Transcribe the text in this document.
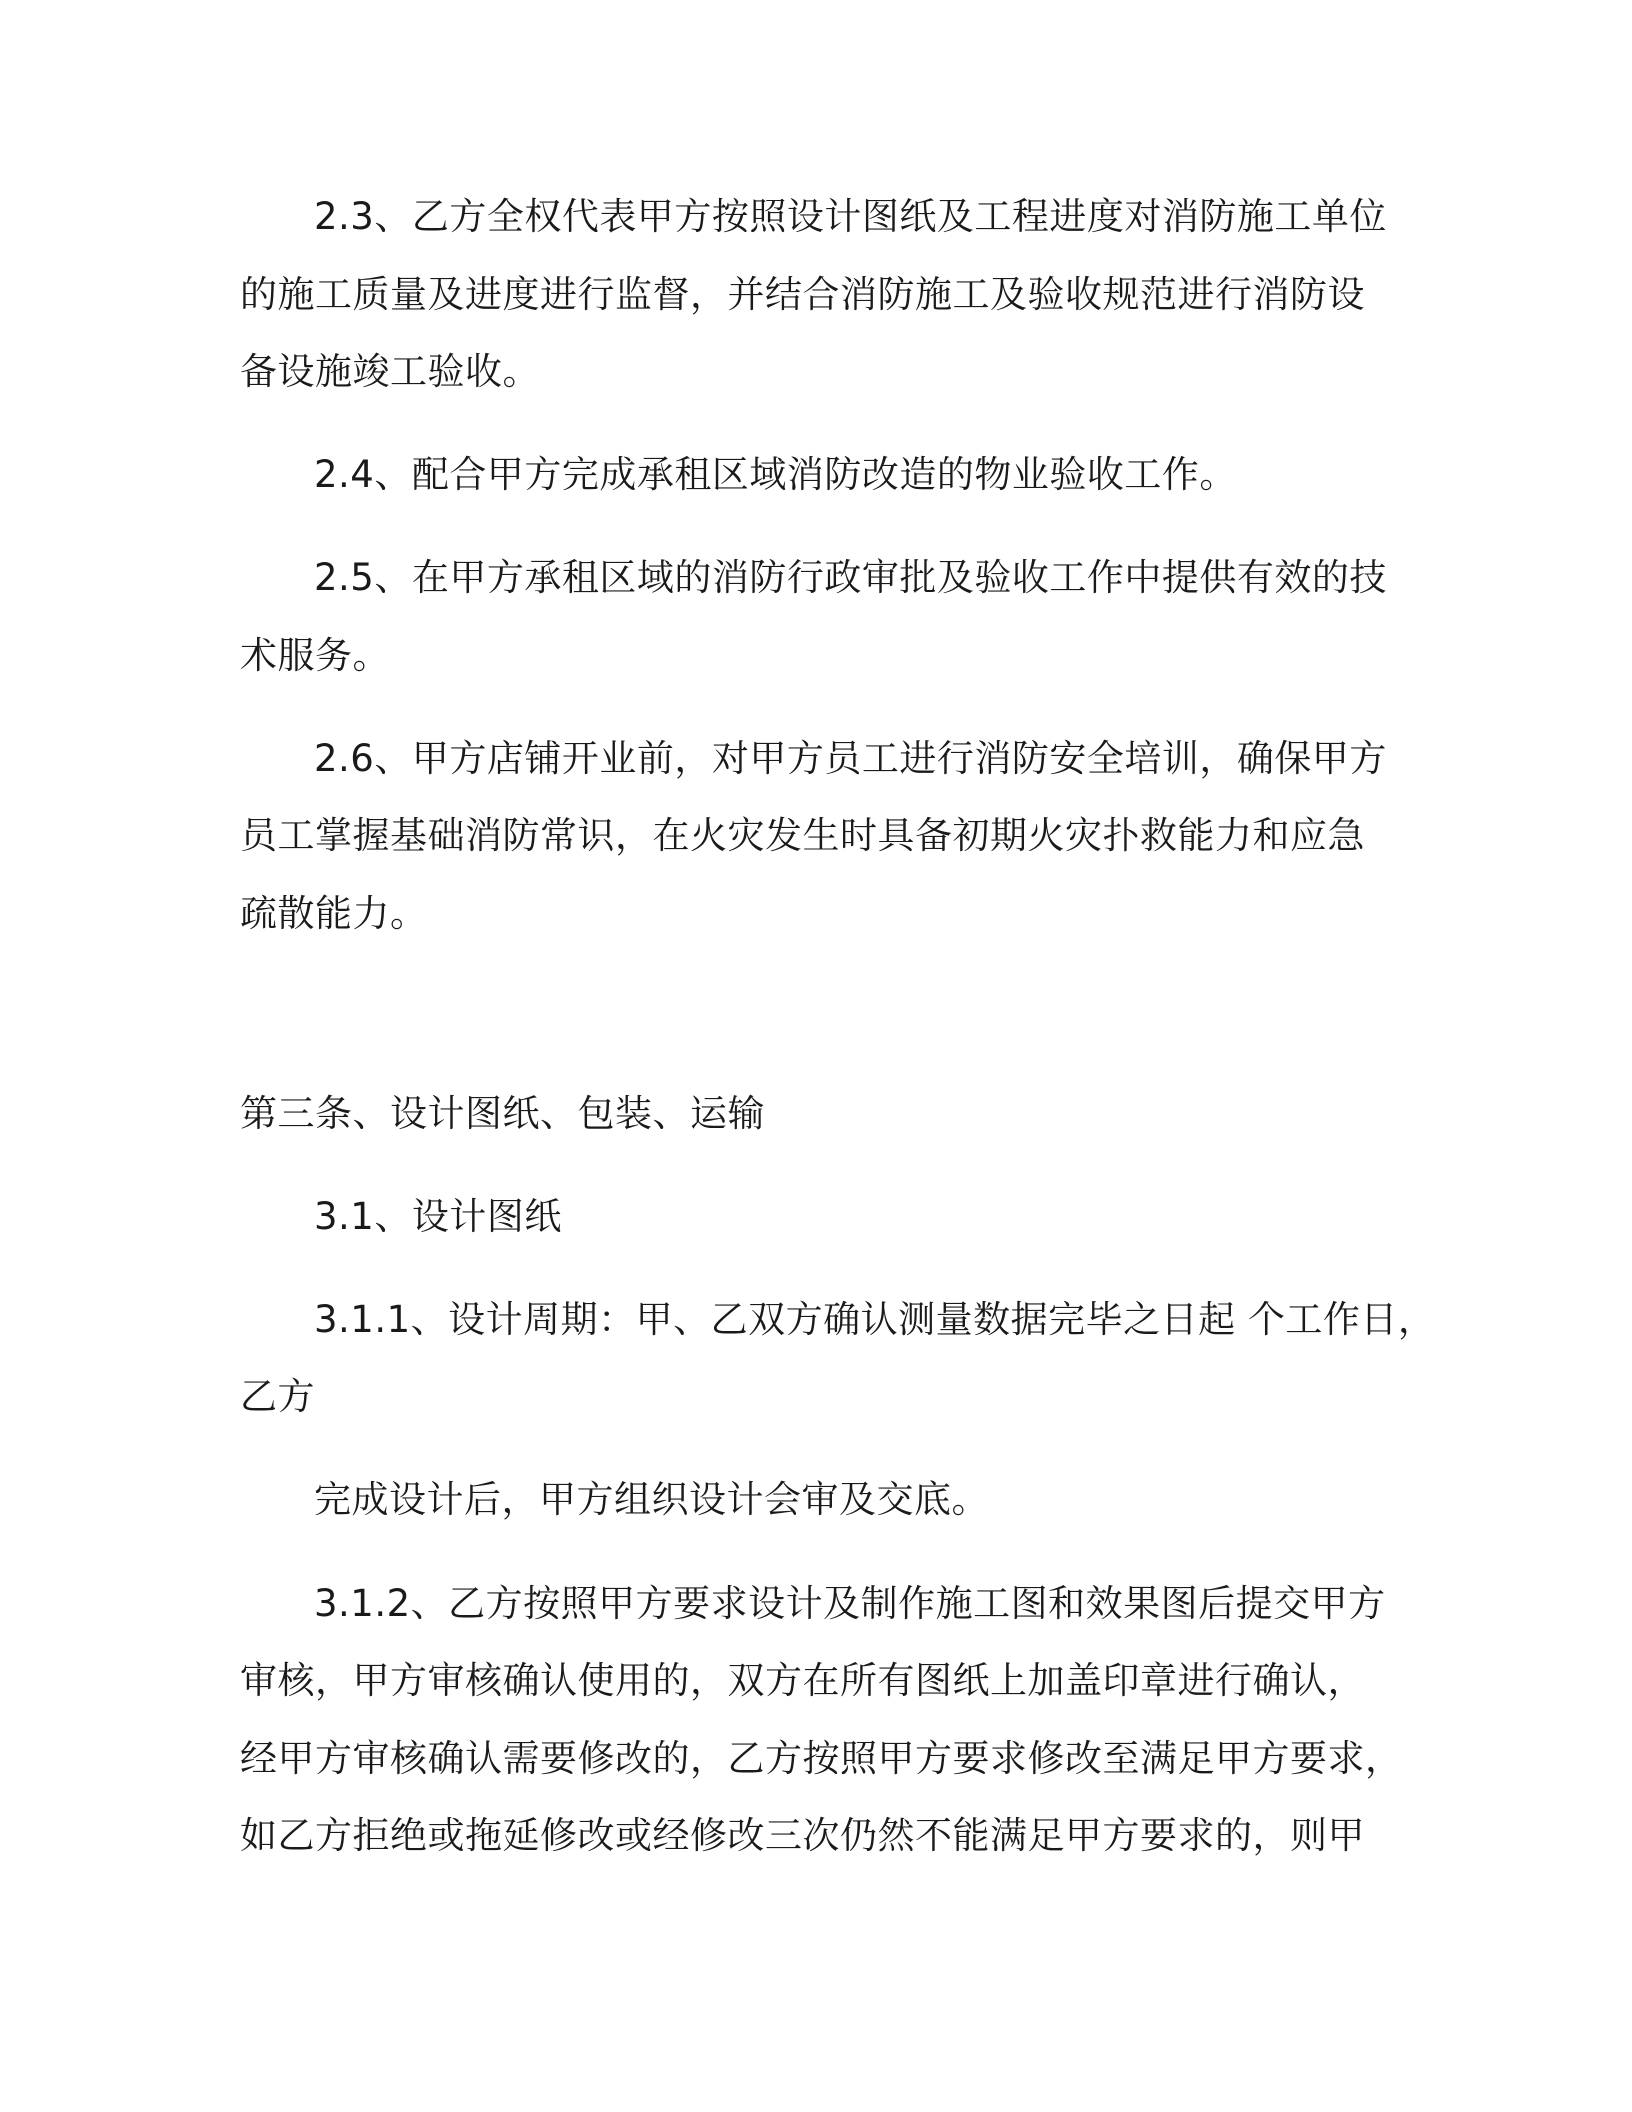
2.3、乙方全权代表甲方按照设计图纸及工程进度对消防施工单位
的施工质量及进度进行监督，并结合消防施工及验收规范进行消防设
备设施竣工验收。
2.4、配合甲方完成承租区域消防改造的物业验收工作。
2.5、在甲方承租区域的消防行政审批及验收工作中提供有效的技
术服务。
2.6、甲方店铺开业前，对甲方员工进行消防安全培训，确保甲方
员工掌握基础消防常识，在火灾发生时具备初期火灾扑救能力和应急
疏散能力。
第三条、设计图纸、包装、运输
3.1、设计图纸
3.1.1、设计周期：甲、乙双方确认测量数据完毕之日起 个工作日，
乙方
完成设计后，甲方组织设计会审及交底。
3.1.2、乙方按照甲方要求设计及制作施工图和效果图后提交甲方
审核，甲方审核确认使用的，双方在所有图纸上加盖印章进行确认，
经甲方审核确认需要修改的，乙方按照甲方要求修改至满足甲方要求，
如乙方拒绝或拖延修改或经修改三次仍然不能满足甲方要求的，则甲
